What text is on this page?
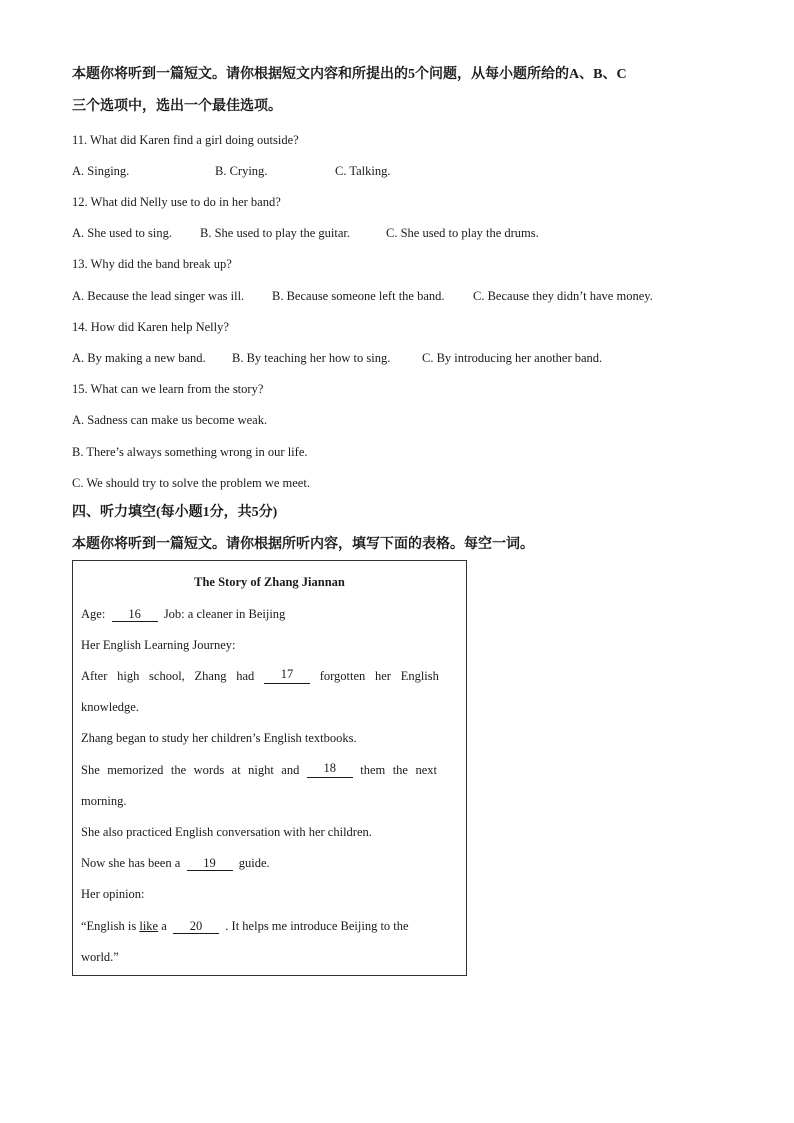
本题你将听到一篇短文。请你根据短文内容和所提出的5个问题，从每小题所给的A、B、C
三个选项中，选出一个最佳选项。
11. What did Karen find a girl doing outside?
A. Singing.	B. Crying.	C. Talking.
12. What did Nelly use to do in her band?
A. She used to sing. B. She used to play the guitar.	C. She used to play the drums.
13. Why did the band break up?
A. Because the lead singer was ill. B. Because someone left the band. C. Because they didn’t have money.
14. How did Karen help Nelly?
A. By making a new band. B. By teaching her how to sing.	C. By introducing her another band.
15. What can we learn from the story?
A. Sadness can make us become weak.
B. There’s always something wrong in our life.
C. We should try to solve the problem we meet.
四、听力填空(每小题1分，共5分)
本题你将听到一篇短文。请你根据所听内容，填写下面的表格。每空一词。
The Story of Zhang Jiannan
Age: 16 Job: a cleaner in Beijing
Her English Learning Journey:
After high school, Zhang had	17	forgotten her English
knowledge.
Zhang began to study her children’s English textbooks.
She memorized the words at night and	18	them the next
morning.
She also practiced English conversation with her children.
Now she has been a 19 guide.
Her opinion:
“English is like a 20 . It helps me introduce Beijing to the
world.”
